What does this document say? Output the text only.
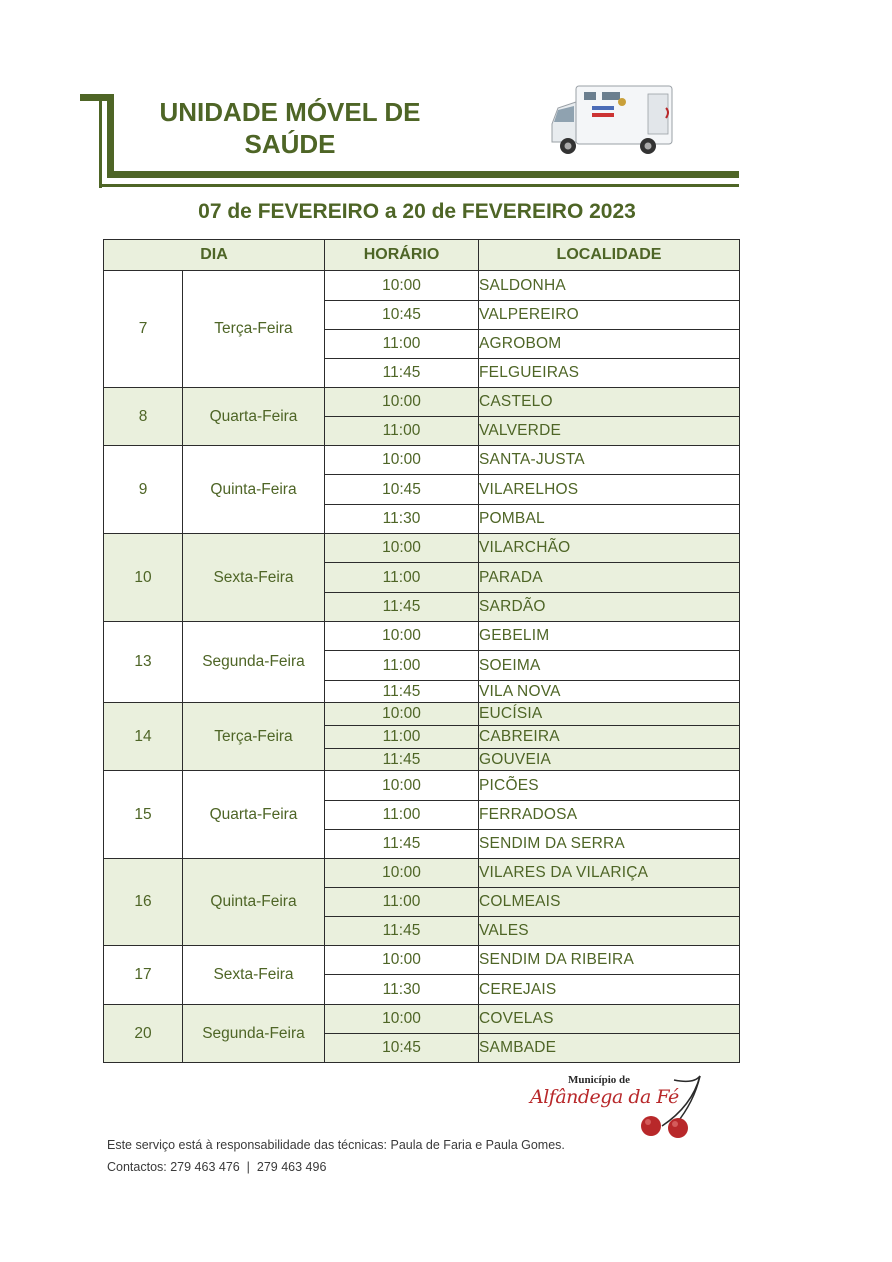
UNIDADE MÓVEL DE
SAÚDE
07 de FEVEREIRO a 20 de FEVEREIRO 2023
DIA		HORÁRIO	LOCALIDADE
7	Terça-Feira	10:00	SALDONHA
		10:45	VALPEREIRO
		11:00	AGROBOM
		11:45	FELGUEIRAS
8	Quarta-Feira	10:00	CASTELO
		11:00	VALVERDE
9	Quinta-Feira	10:00	SANTA-JUSTA
		10:45	VILARELHOS
		11:30	POMBAL
10	Sexta-Feira	10:00	VILARCHÃO
		11:00	PARADA
		11:45	SARDÃO
13	Segunda-Feira	10:00	GEBELIM
		11:00	SOEIMA
		11:45	VILA NOVA
14	Terça-Feira	10:00	EUCÍSIA
		11:00	CABREIRA
		11:45	GOUVEIA
15	Quarta-Feira	10:00	PICÕES
		11:00	FERRADOSA
		11:45	SENDIM DA SERRA
16	Quinta-Feira	10:00	VILARES DA VILARIÇA
		11:00	COLMEAIS
		11:45	VALES
17	Sexta-Feira	10:00	SENDIM DA RIBEIRA
		11:30	CEREJAIS
20	Segunda-Feira	10:00	COVELAS
		10:45	SAMBADE
Município de
Alfândega da Fé
Este serviço está à responsabilidade das técnicas: Paula de Faria e Paula Gomes.
Contactos: 279 463 476  |  279 463 496
